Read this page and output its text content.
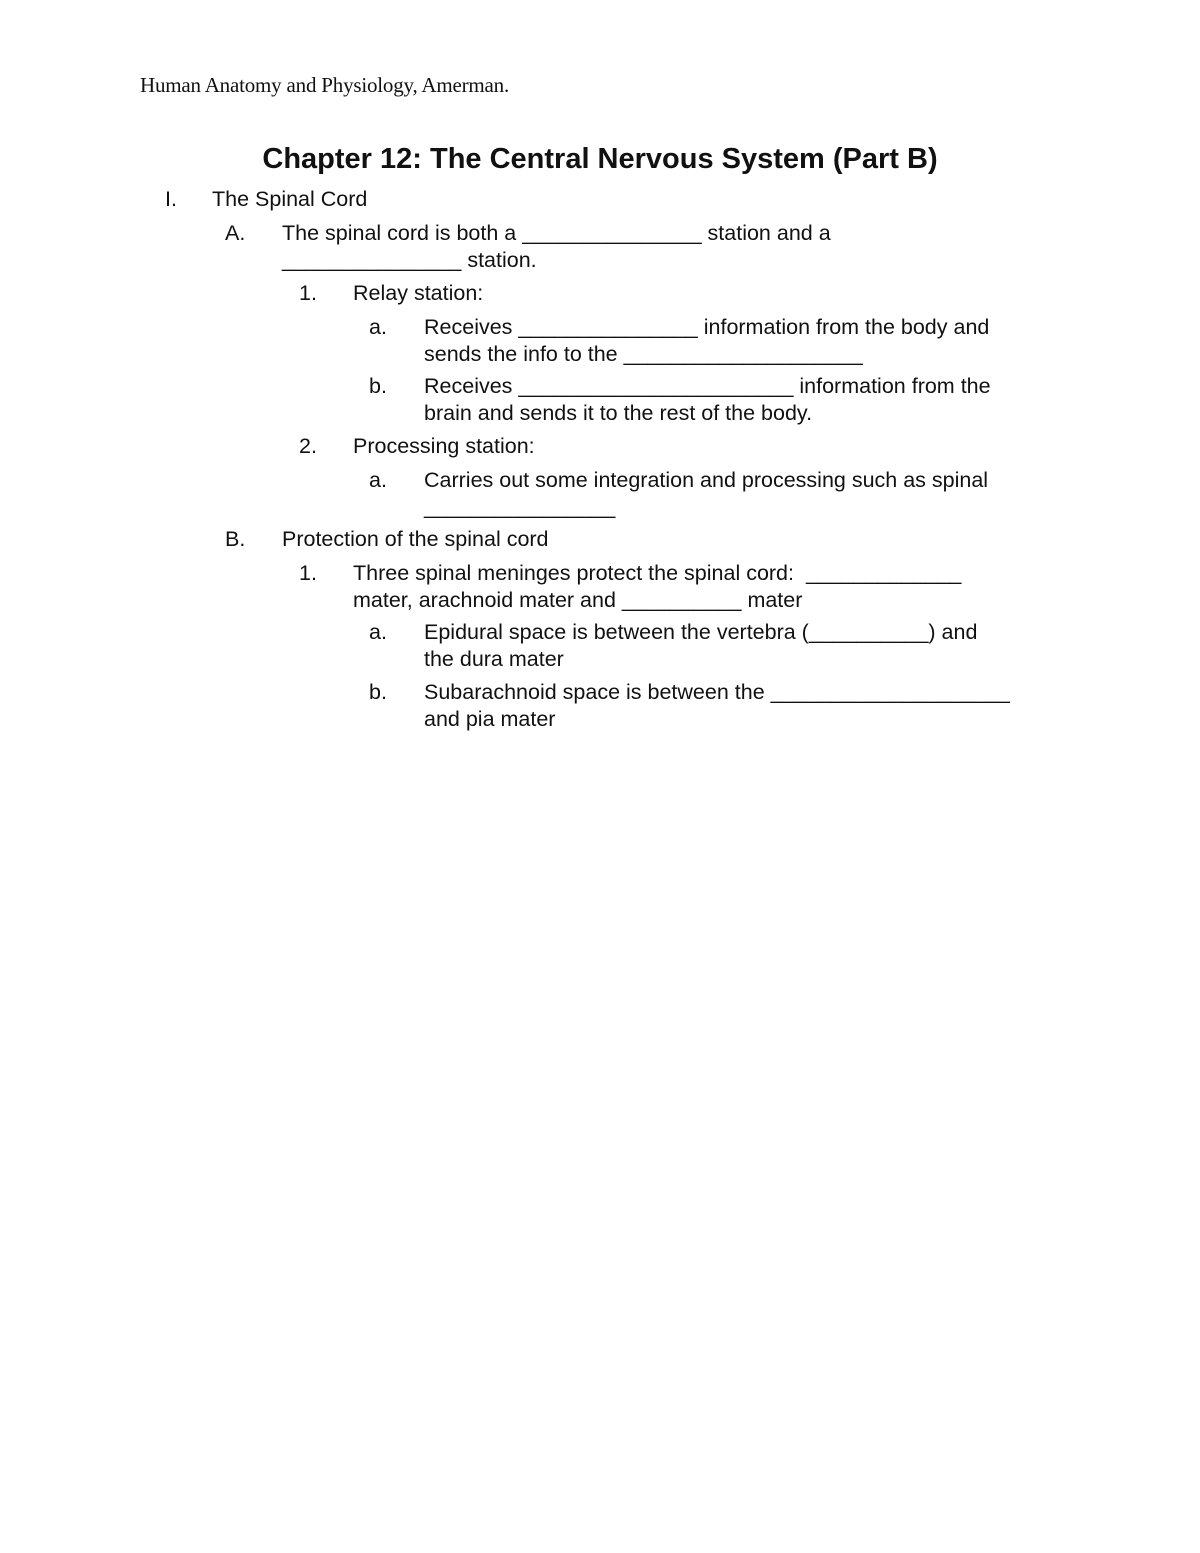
Human Anatomy and Physiology, Amerman.
Chapter 12: The Central Nervous System (Part B)
I. The Spinal Cord
A. The spinal cord is both a _______________ station and a
_______________ station.
1. Relay station:
a. Receives _______________ information from the body and
sends the info to the ____________________
b. Receives _______________________ information from the
brain and sends it to the rest of the body.
2. Processing station:
a. Carries out some integration and processing such as spinal
________________
B. Protection of the spinal cord
1. Three spinal meninges protect the spinal cord:  _____________
mater, arachnoid mater and __________ mater
a. Epidural space is between the vertebra (__________) and
the dura mater
b. Subarachnoid space is between the ____________________
and pia mater
